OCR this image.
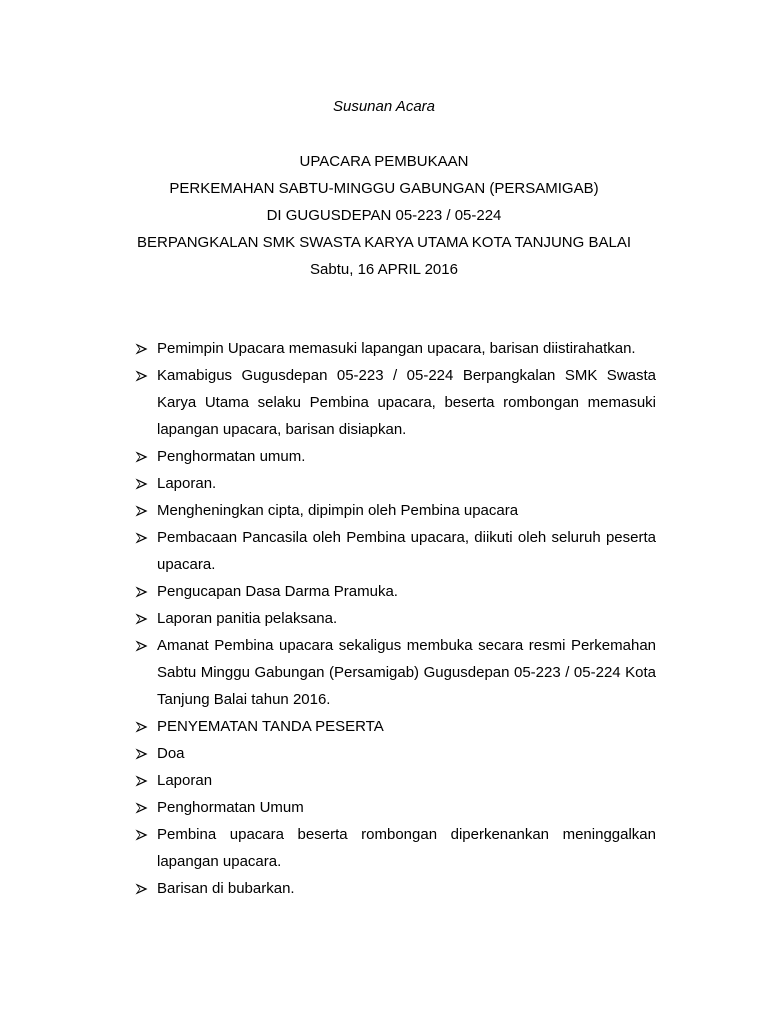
Susunan Acara
UPACARA PEMBUKAAN
PERKEMAHAN SABTU-MINGGU GABUNGAN (PERSAMIGAB)
DI GUGUSDEPAN 05-223 / 05-224
BERPANGKALAN SMK SWASTA KARYA UTAMA KOTA TANJUNG BALAI
Sabtu, 16 APRIL 2016
Pemimpin Upacara memasuki lapangan upacara, barisan diistirahatkan.
Kamabigus Gugusdepan 05-223 / 05-224 Berpangkalan SMK Swasta Karya Utama selaku Pembina upacara, beserta rombongan memasuki lapangan upacara, barisan disiapkan.
Penghormatan umum.
Laporan.
Mengheningkan cipta, dipimpin oleh Pembina upacara
Pembacaan Pancasila oleh Pembina upacara, diikuti oleh seluruh peserta upacara.
Pengucapan Dasa Darma Pramuka.
Laporan panitia pelaksana.
Amanat Pembina upacara sekaligus membuka secara resmi Perkemahan Sabtu Minggu Gabungan (Persamigab) Gugusdepan 05-223 / 05-224 Kota Tanjung Balai tahun 2016.
PENYEMATAN TANDA PESERTA
Doa
Laporan
Penghormatan Umum
Pembina upacara beserta rombongan diperkenankan meninggalkan lapangan upacara.
Barisan di bubarkan.
